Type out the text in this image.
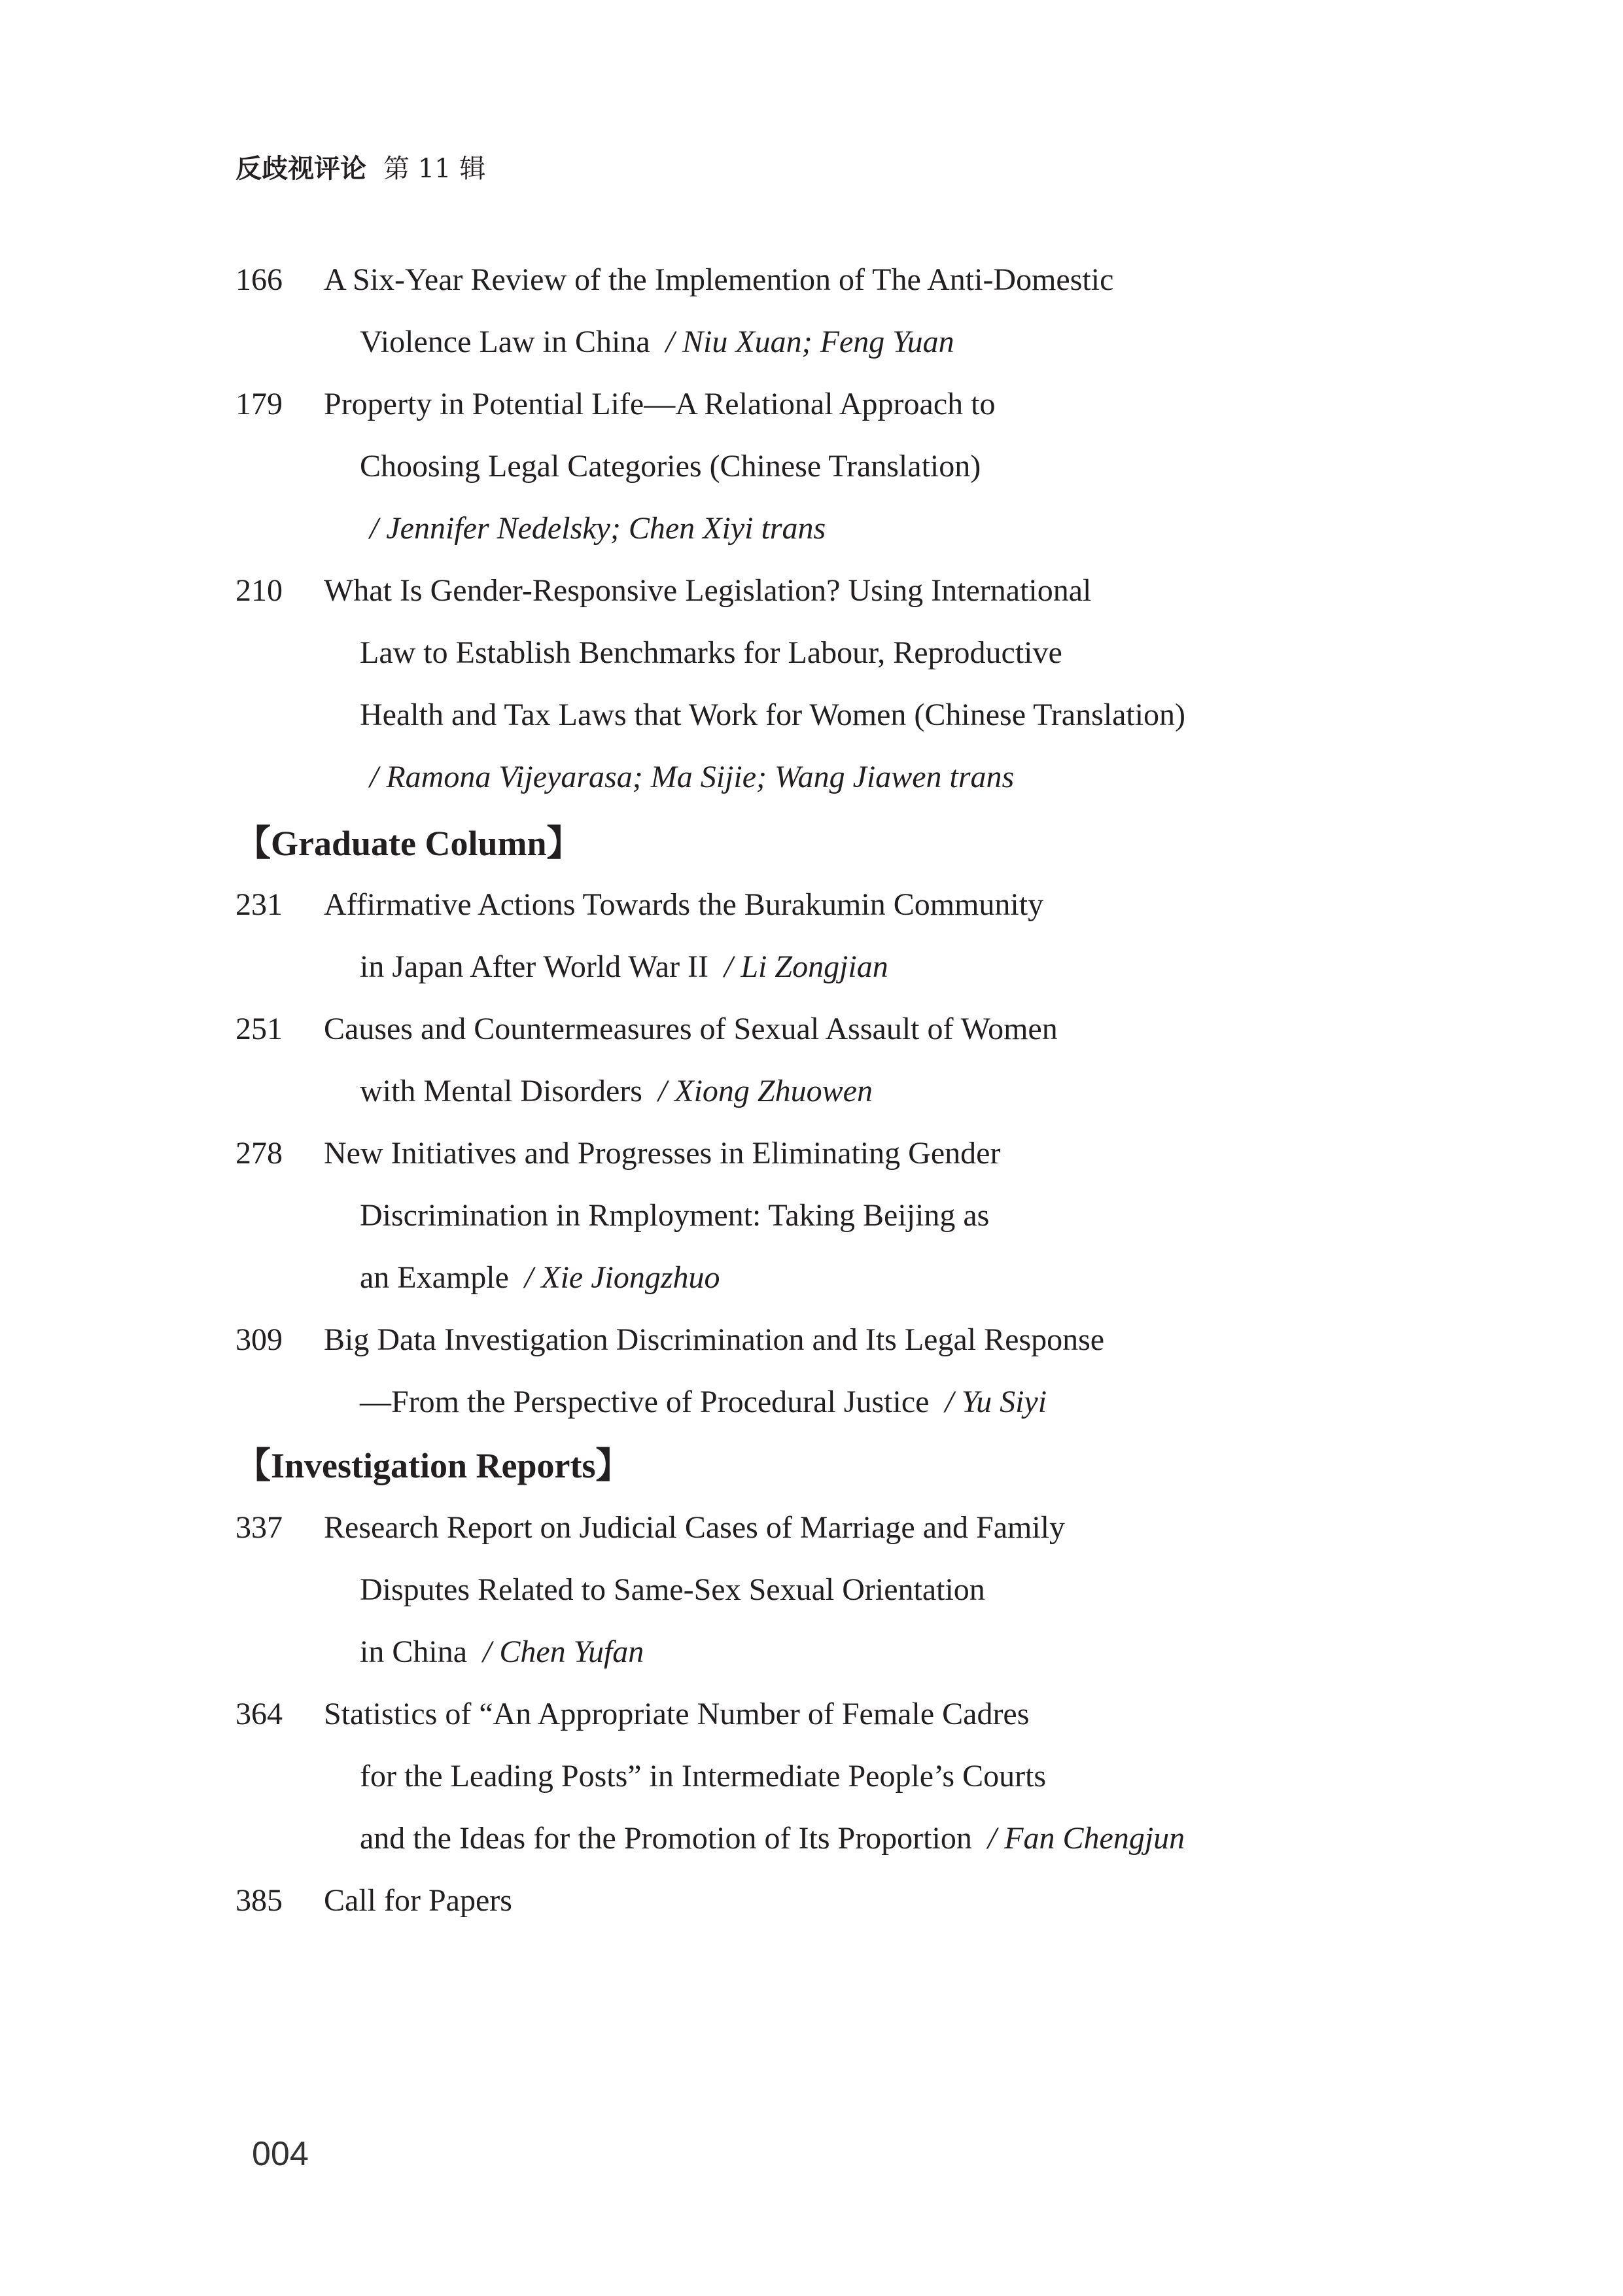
反歧视评论 第 11 辑
166 A Six-Year Review of the Implemention of The Anti-Domestic
Violence Law in China / Niu Xuan; Feng Yuan
179 Property in Potential Life—A Relational Approach to
Choosing Legal Categories (Chinese Translation)
/ Jennifer Nedelsky; Chen Xiyi trans
210 What Is Gender-Responsive Legislation? Using International
Law to Establish Benchmarks for Labour, Reproductive
Health and Tax Laws that Work for Women (Chinese Translation)
/ Ramona Vijeyarasa; Ma Sijie; Wang Jiawen trans
【Graduate Column】
231 Affirmative Actions Towards the Burakumin Community
in Japan After World War II / Li Zongjian
251 Causes and Countermeasures of Sexual Assault of Women
with Mental Disorders / Xiong Zhuowen
278 New Initiatives and Progresses in Eliminating Gender
Discrimination in Rmployment: Taking Beijing as
an Example / Xie Jiongzhuo
309 Big Data Investigation Discrimination and Its Legal Response
—From the Perspective of Procedural Justice / Yu Siyi
【Investigation Reports】
337 Research Report on Judicial Cases of Marriage and Family
Disputes Related to Same-Sex Sexual Orientation
in China / Chen Yufan
364 Statistics of “An Appropriate Number of Female Cadres
for the Leading Posts” in Intermediate People’s Courts
and the Ideas for the Promotion of Its Proportion / Fan Chengjun
385 Call for Papers
004
